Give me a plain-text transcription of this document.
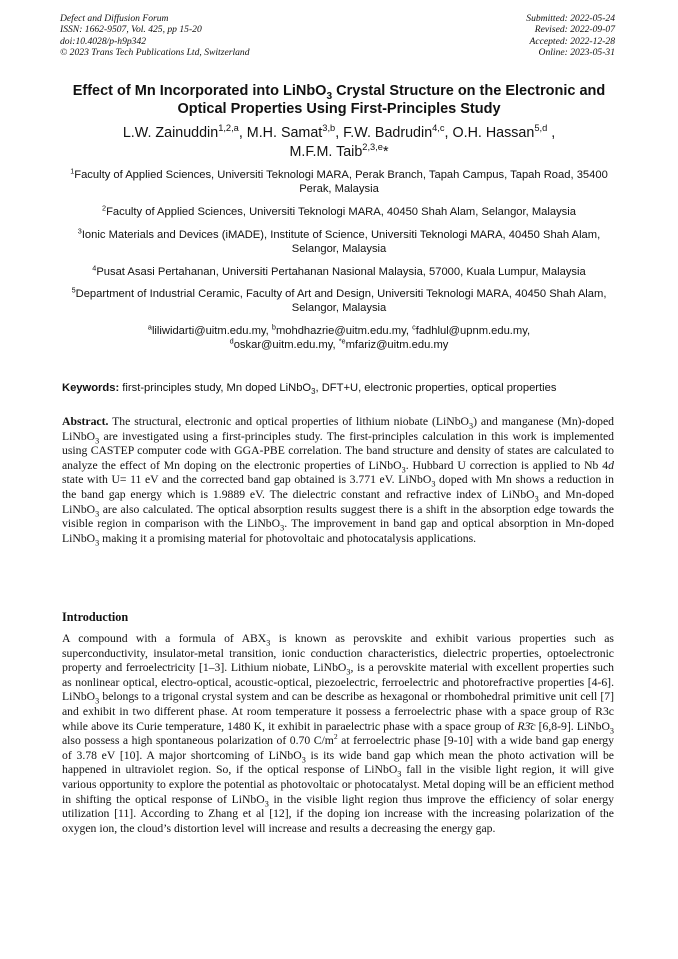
Defect and Diffusion Forum
ISSN: 1662-9507, Vol. 425, pp 15-20
doi:10.4028/p-h9p342
© 2023 Trans Tech Publications Ltd, Switzerland
Submitted: 2022-05-24
Revised: 2022-09-07
Accepted: 2022-12-28
Online: 2023-05-31
Effect of Mn Incorporated into LiNbO$_3$ Crystal Structure on the Electronic and Optical Properties Using First-Principles Study
L.W. Zainuddin$^{1,2,a}$, M.H. Samat$^{3,b}$, F.W. Badrudin$^{4,c}$, O.H. Hassan$^{5,d}$ ,
M.F.M. Taib$^{2,3,e}$*
$^1$Faculty of Applied Sciences, Universiti Teknologi MARA, Perak Branch, Tapah Campus, Tapah Road, 35400 Perak, Malaysia
$^2$Faculty of Applied Sciences, Universiti Teknologi MARA, 40450 Shah Alam, Selangor, Malaysia
$^3$Ionic Materials and Devices (iMADE), Institute of Science, Universiti Teknologi MARA, 40450 Shah Alam, Selangor, Malaysia
$^4$Pusat Asasi Pertahanan, Universiti Pertahanan Nasional Malaysia, 57000, Kuala Lumpur, Malaysia
$^5$Department of Industrial Ceramic, Faculty of Art and Design, Universiti Teknologi MARA, 40450 Shah Alam, Selangor, Malaysia
$^a$liliwidarti@uitm.edu.my, $^b$mohdhazrie@uitm.edu.my, $^c$fadhlul@upnm.edu.my,
$^d$oskar@uitm.edu.my, $^{*e}$mfariz@uitm.edu.my
Keywords: first-principles study, Mn doped LiNbO$_3$, DFT+U, electronic properties, optical properties
Abstract. The structural, electronic and optical properties of lithium niobate (LiNbO$_3$) and manganese (Mn)-doped LiNbO$_3$ are investigated using a first-principles study. The first-principles calculation in this work is implemented using CASTEP computer code with GGA-PBE correlation. The band structure and density of states are calculated to analyze the effect of Mn doping on the electronic properties of LiNbO$_3$. Hubbard U correction is applied to Nb 4d state with U= 11 eV and the corrected band gap obtained is 3.771 eV. LiNbO$_3$ doped with Mn shows a reduction in the band gap energy which is 1.9889 eV. The dielectric constant and refractive index of LiNbO$_3$ and Mn-doped LiNbO$_3$ are also calculated. The optical absorption results suggest there is a shift in the absorption edge towards the visible region in comparison with the LiNbO$_3$. The improvement in band gap and optical absorption in Mn-doped LiNbO$_3$ making it a promising material for photovoltaic and photocatalysis applications.
Introduction
A compound with a formula of $ABX_3$ is known as perovskite and exhibit various properties such as superconductivity, insulator-metal transition, ionic conduction characteristics, dielectric properties, optoelectronic property and ferroelectricity [1–3]. Lithium niobate, LiNbO$_3$, is a perovskite material with excellent properties such as nonlinear optical, electro-optical, acoustic-optical, piezoelectric, ferroelectric and photorefractive properties [4-6]. LiNbO$_3$ belongs to a trigonal crystal system and can be describe as hexagonal or rhombohedral primitive unit cell [7] and exhibit in two different phase. At room temperature it possess a ferroelectric phase with a space group of R3c while above its Curie temperature, 1480 K, it exhibit in paraelectric phase with a space group of R3̄c [6,8-9]. LiNbO$_3$ also possess a high spontaneous polarization of 0.70 $C/m^2$ at ferroelectric phase [9-10] with a wide band gap energy of 3.78 eV [10]. A major shortcoming of LiNbO$_3$ is its wide band gap which mean the photo activation will be happened in ultraviolet region. So, if the optical response of LiNbO$_3$ fall in the visible light region, it will give various opportunity to explore the potential as photovoltaic or photocatalyst. Metal doping will be an efficient method in shifting the optical response of LiNbO$_3$ in the visible light region thus improve the efficiency of solar energy utilization [11]. According to Zhang et al [12], if the doping ion increase with the increasing polarization of the oxygen ion, the cloud’s distortion level will increase and results a decreasing the energy gap.
